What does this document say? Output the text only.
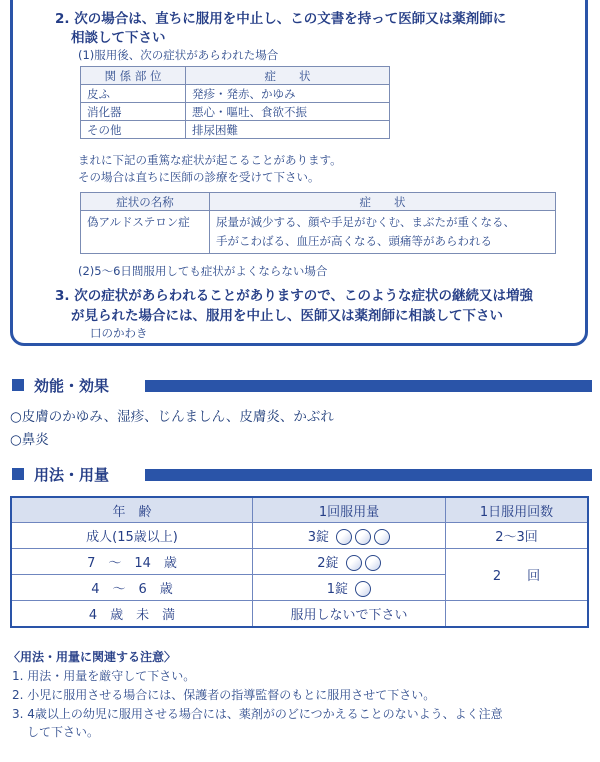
2. 次の場合は、直ちに服用を中止し、この文書を持って医師又は薬剤師に
相談して下さい
(1)服用後、次の症状があらわれた場合
関 係 部 位	症　　状
皮ふ	発疹・発赤、かゆみ
消化器	悪心・嘔吐、食欲不振
その他	排尿困難
まれに下記の重篤な症状が起こることがあります。
その場合は直ちに医師の診療を受けて下さい。
症状の名称	症　　状
偽アルドステロン症	尿量が減少する、顔や手足がむくむ、まぶたが重くなる、
手がこわばる、血圧が高くなる、頭痛等があらわれる
(2)5〜6日間服用しても症状がよくならない場合
3. 次の症状があらわれることがありますので、このような症状の継続又は増強
が見られた場合には、服用を中止し、医師又は薬剤師に相談して下さい
口のかわき
効能・効果
○皮膚のかゆみ、湿疹、じんましん、皮膚炎、かぶれ
○鼻炎
用法・用量
年　齢	1回服用量	1日服用回数
成人(15歳以上)	3錠	2〜3回
7　〜　14　歳	2錠	2　　回
4　〜　6　歳	1錠	
4　歳　未　満	服用しないで下さい	
〈用法・用量に関連する注意〉
1. 用法・用量を厳守して下さい。
2. 小児に服用させる場合には、保護者の指導監督のもとに服用させて下さい。
3. 4歳以上の幼児に服用させる場合には、薬剤がのどにつかえることのないよう、よく注意
して下さい。
